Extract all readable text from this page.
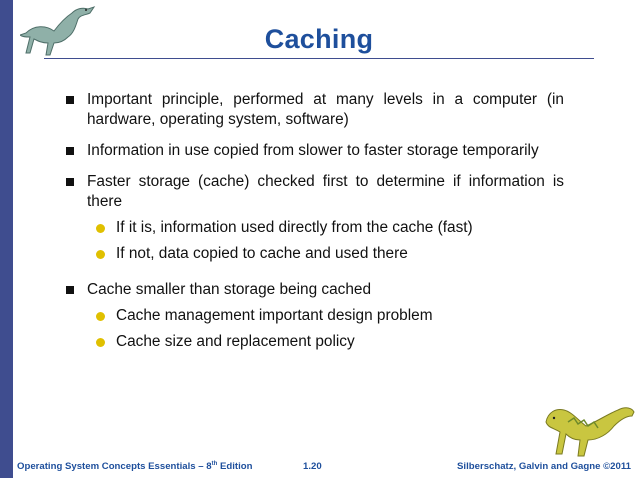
Caching
Important principle, performed at many levels in a computer (in hardware, operating system, software)
Information in use copied from slower to faster storage temporarily
Faster storage (cache) checked first to determine if information is there
If it is, information used directly from the cache (fast)
If not, data copied to cache and used there
Cache smaller than storage being cached
Cache management important design problem
Cache size and replacement policy
Operating System Concepts Essentials – 8th Edition	1.20	Silberschatz, Galvin and Gagne ©2011
